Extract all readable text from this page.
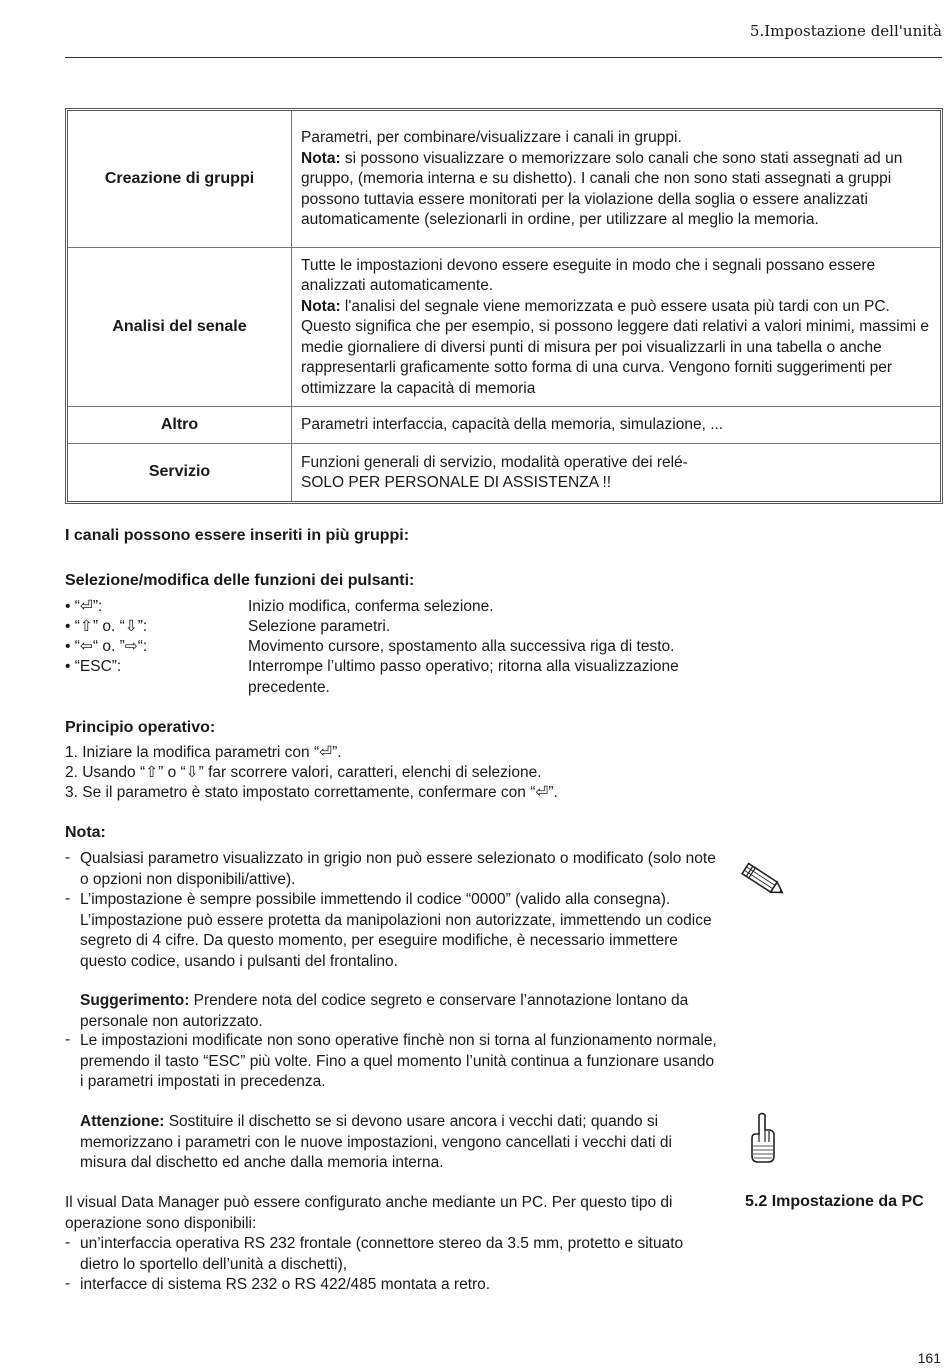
5.Impostazione dell'unità
Creazione di gruppi	Parametri, per combinare/visualizzare i canali in gruppi.
Nota: si possono visualizzare o memorizzare solo canali che sono stati assegnati ad un gruppo, (memoria interna e su dishetto). I canali che non sono stati assegnati a gruppi possono tuttavia essere monitorati per la violazione della soglia o essere analizzati automaticamente (selezionarli in ordine, per utilizzare al meglio la memoria.

Analisi del senale	Tutte le impostazioni devono essere eseguite in modo che i segnali possano essere analizzati automaticamente.
Nota: l'analisi del segnale viene memorizzata e può essere usata più tardi con un PC. Questo significa che per esempio, si possono leggere dati relativi a valori minimi, massimi e medie giornaliere di diversi punti di misura per poi visualizzarli in una tabella o anche rappresentarli graficamente sotto forma di una curva. Vengono forniti suggerimenti per ottimizzare la capacità di memoria

Altro	Parametri interfaccia, capacità della memoria, simulazione, ...
Servizio	Funzioni generali di servizio, modalità operative dei relé-
SOLO PER PERSONALE DI ASSISTENZA !!
I canali possono essere inseriti in più gruppi:
Selezione/modifica delle funzioni dei pulsanti:
• “⏎”:	Inizio modifica, conferma selezione.
• “⇧” o. “⇩”:	Selezione parametri.
• “⇦“ o. ”⇨“:	Movimento cursore, spostamento alla successiva riga di testo.
• “ESC”:	Interrompe l’ultimo passo operativo; ritorna alla visualizzazione precedente.
Principio operativo:
1. Iniziare la modifica parametri con “⏎”.
2. Usando “⇧” o “⇩” far scorrere valori, caratteri, elenchi di selezione.
3. Se il parametro è stato impostato correttamente, confermare con “⏎”.
Nota:
- Qualsiasi parametro visualizzato in grigio non può essere selezionato o modificato (solo note o opzioni non disponibili/attive).
- L’impostazione è sempre possibile immettendo il codice “0000” (valido alla consegna). L’impostazione può essere protetta da manipolazioni non autorizzate, immettendo un codice segreto di 4 cifre. Da questo momento, per eseguire modifiche, è necessario immettere questo codice, usando i pulsanti del frontalino.
Suggerimento: Prendere nota del codice segreto e conservare l’annotazione lontano da personale non autorizzato.
- Le impostazioni modificate non sono operative finchè non si torna al funzionamento normale, premendo il tasto “ESC” più volte. Fino a quel momento l’unità continua a funzionare usando i parametri impostati in precedenza.
Attenzione: Sostituire il dischetto se si devono usare ancora i vecchi dati; quando si memorizzano i parametri con le nuove impostazioni, vengono cancellati i vecchi dati di misura dal dischetto ed anche dalla memoria interna.
Il visual Data Manager può essere configurato anche mediante un PC. Per questo tipo di operazione sono disponibili:
- un’interfaccia operativa RS 232 frontale (connettore stereo da 3.5 mm, protetto e situato dietro lo sportello dell’unità a dischetti),
- interfacce di sistema RS 232 o RS 422/485 montata a retro.
5.2 Impostazione da PC
161
